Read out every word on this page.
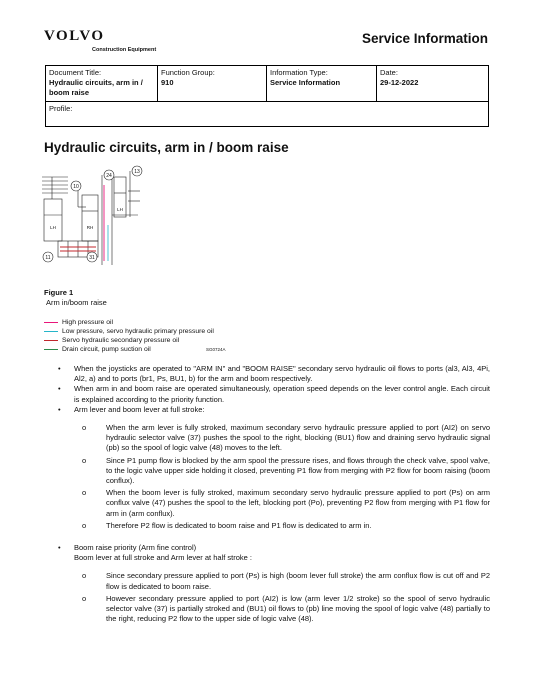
VOLVO
Construction Equipment
Service Information
Document Title:
Hydraulic circuits, arm in / boom raise

Function Group:
910

Information Type:
Service Information

Date:
29-12-2022

Profile:
Hydraulic circuits, arm in / boom raise
10
11	31
24
13
LH	RH
LH
Figure 1
Arm in/boom raise
High pressure oil
Low pressure, servo hydraulic primary pressure oil
Servo hydraulic secondary pressure oil
Drain circuit, pump suction oil	SG0724A
• When the joysticks are operated to "ARM IN" and "BOOM RAISE" secondary servo hydraulic oil flows to ports (al3, Al3, 4Pi, Al2, a) and to ports (br1, Ps, BU1, b) for the arm and boom respectively.
• When arm in and boom raise are operated simultaneously, operation speed depends on the lever control angle. Each circuit is explained according to the priority function.
• Arm lever and boom lever at full stroke:
o	When the arm lever is fully stroked, maximum secondary servo hydraulic pressure applied to port (AI2) on servo hydraulic selector valve (37) pushes the spool to the right, blocking (BU1) flow and draining servo hydraulic signal (pb) so the spool of logic valve (48) moves to the left.
o	Since P1 pump flow is blocked by the arm spool the pressure rises, and flows through the check valve, spool valve, to the logic valve upper side holding it closed, preventing P1 flow from merging with P2 flow for boom raising (boom conflux).
o	When the boom lever is fully stroked, maximum secondary servo hydraulic pressure applied to port (Ps) on arm conflux valve (47) pushes the spool to the left, blocking port (Po), preventing P2 flow from merging with P1 flow for arm in (arm conflux).
o	Therefore P2 flow is dedicated to boom raise and P1 flow is dedicated to arm in.
• Boom raise priority (Arm fine control)
Boom lever at full stroke and Arm lever at half stroke :
o	Since secondary pressure applied to port (Ps) is high (boom lever full stroke) the arm conflux flow is cut off and P2 flow is dedicated to boom raise.
o	However secondary pressure applied to port (AI2) is low (arm lever 1/2 stroke) so the spool of servo hydraulic selector valve (37) is partially stroked and (BU1) oil flows to (pb) line moving the spool of logic valve (48) partially to the right, reducing P2 flow to the upper side of logic valve (48).
